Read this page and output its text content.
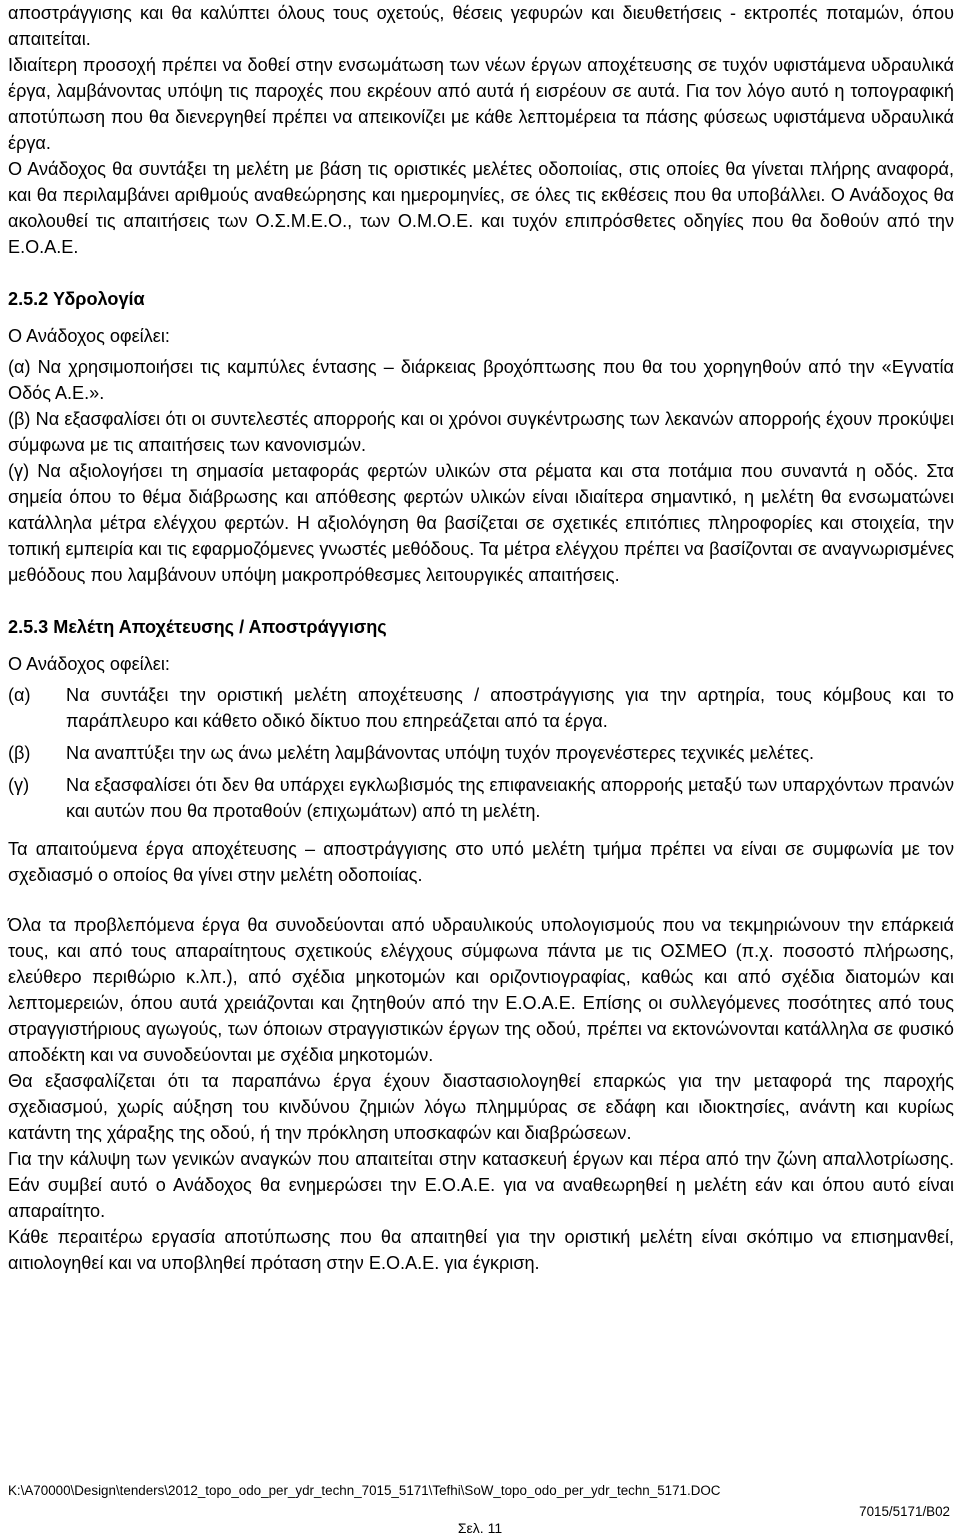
αποστράγγισης και θα καλύπτει όλους τους οχετούς, θέσεις γεφυρών και διευθετήσεις - εκτροπές ποταμών, όπου απαιτείται.

Ιδιαίτερη προσοχή πρέπει να δοθεί στην ενσωμάτωση των νέων έργων αποχέτευσης σε τυχόν υφιστάμενα υδραυλικά έργα, λαμβάνοντας υπόψη τις παροχές που εκρέουν από αυτά ή εισρέουν σε αυτά. Για τον λόγο αυτό η τοπογραφική αποτύπωση που θα διενεργηθεί πρέπει να απεικονίζει με κάθε λεπτομέρεια τα πάσης φύσεως υφιστάμενα υδραυλικά έργα.

Ο Ανάδοχος θα συντάξει τη μελέτη με βάση τις οριστικές μελέτες οδοποιίας, στις οποίες θα γίνεται πλήρης αναφορά, και θα περιλαμβάνει αριθμούς αναθεώρησης και ημερομηνίες, σε όλες τις εκθέσεις που θα υποβάλλει. Ο Ανάδοχος θα ακολουθεί τις απαιτήσεις των Ο.Σ.Μ.Ε.Ο., των Ο.Μ.Ο.Ε. και τυχόν επιπρόσθετες οδηγίες που θα δοθούν από την Ε.Ο.Α.Ε.

2.5.2 Υδρολογία

Ο Ανάδοχος οφείλει:

(α) Να χρησιμοποιήσει τις καμπύλες έντασης – διάρκειας βροχόπτωσης που θα του χορηγηθούν από την «Εγνατία Οδός Α.Ε.».

(β) Να εξασφαλίσει ότι οι συντελεστές απορροής και οι χρόνοι συγκέντρωσης των λεκανών απορροής έχουν προκύψει σύμφωνα με τις απαιτήσεις των κανονισμών.

(γ) Να αξιολογήσει τη σημασία μεταφοράς φερτών υλικών στα ρέματα και στα ποτάμια που συναντά η οδός. Στα σημεία όπου το θέμα διάβρωσης και απόθεσης φερτών υλικών είναι ιδιαίτερα σημαντικό, η μελέτη θα ενσωματώνει κατάλληλα μέτρα ελέγχου φερτών. Η αξιολόγηση θα βασίζεται σε σχετικές επιτόπιες πληροφορίες και στοιχεία, την τοπική εμπειρία και τις εφαρμοζόμενες γνωστές μεθόδους. Τα μέτρα ελέγχου πρέπει να βασίζονται σε αναγνωρισμένες μεθόδους που λαμβάνουν υπόψη μακροπρόθεσμες λειτουργικές απαιτήσεις.

2.5.3 Μελέτη Αποχέτευσης / Αποστράγγισης

Ο Ανάδοχος οφείλει:

(α)	Να συντάξει την οριστική μελέτη αποχέτευσης / αποστράγγισης για την αρτηρία, τους κόμβους και το παράπλευρο και κάθετο οδικό δίκτυο που επηρεάζεται από τα έργα.
(β)	Να αναπτύξει την ως άνω μελέτη λαμβάνοντας υπόψη τυχόν προγενέστερες τεχνικές μελέτες.
(γ)	Να εξασφαλίσει ότι δεν θα υπάρχει εγκλωβισμός της επιφανειακής απορροής μεταξύ των υπαρχόντων πρανών και αυτών που θα προταθούν (επιχωμάτων) από τη μελέτη.

Τα απαιτούμενα έργα αποχέτευσης – αποστράγγισης στο υπό μελέτη τμήμα πρέπει να είναι σε συμφωνία με τον σχεδιασμό ο οποίος θα γίνει στην μελέτη οδοποιίας.

Όλα τα προβλεπόμενα έργα θα συνοδεύονται από υδραυλικούς υπολογισμούς που να τεκμηριώνουν την επάρκειά τους, και από τους απαραίτητους σχετικούς ελέγχους σύμφωνα πάντα με τις ΟΣΜΕΟ (π.χ. ποσοστό πλήρωσης, ελεύθερο περιθώριο κ.λπ.), από σχέδια μηκοτομών και οριζοντιογραφίας, καθώς και από σχέδια διατομών και λεπτομερειών, όπου αυτά χρειάζονται και ζητηθούν από την Ε.Ο.Α.Ε. Επίσης οι συλλεγόμενες ποσότητες από τους στραγγιστήριους αγωγούς, των όποιων στραγγιστικών έργων της οδού, πρέπει να εκτονώνονται κατάλληλα σε φυσικό αποδέκτη και να συνοδεύονται με σχέδια μηκοτομών.

Θα εξασφαλίζεται ότι τα παραπάνω έργα έχουν διαστασιολογηθεί επαρκώς για την μεταφορά της παροχής σχεδιασμού, χωρίς αύξηση του κινδύνου ζημιών λόγω πλημμύρας σε εδάφη και ιδιοκτησίες, ανάντη και κυρίως κατάντη της χάραξης της οδού, ή την πρόκληση υποσκαφών και διαβρώσεων.

Για την κάλυψη των γενικών αναγκών που απαιτείται στην κατασκευή έργων και πέρα από την ζώνη απαλλοτρίωσης. Εάν συμβεί αυτό ο Ανάδοχος θα ενημερώσει την Ε.Ο.Α.Ε. για να αναθεωρηθεί η μελέτη εάν και όπου αυτό είναι απαραίτητο.

Κάθε περαιτέρω εργασία αποτύπωσης που θα απαιτηθεί για την οριστική μελέτη είναι σκόπιμο να επισημανθεί, αιτιολογηθεί και να υποβληθεί πρόταση στην Ε.Ο.Α.Ε. για έγκριση.

K:\A70000\Design\tenders\2012_topo_odo_per_ydr_techn_7015_5171\Tefhi\SoW_topo_odo_per_ydr_techn_5171.DOC
7015/5171/B02
Σελ. 11
